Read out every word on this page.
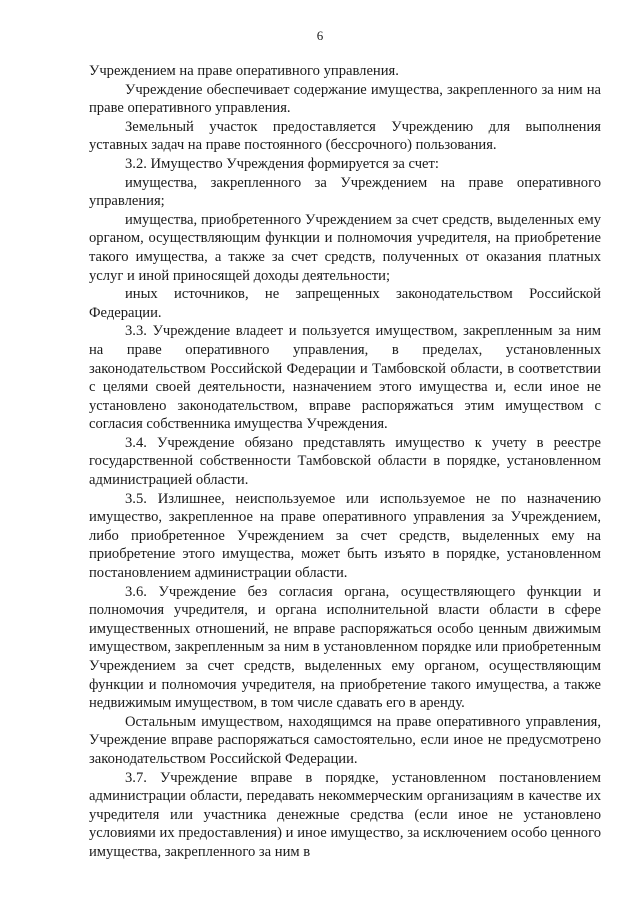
6

Учреждением на праве оперативного управления.

Учреждение обеспечивает содержание имущества, закрепленного за ним на праве оперативного управления.

Земельный участок предоставляется Учреждению для выполнения уставных задач на праве постоянного (бессрочного) пользования.

3.2. Имущество Учреждения формируется за счет:

имущества, закрепленного за Учреждением на праве оперативного управления;

имущества, приобретенного Учреждением за счет средств, выделенных ему органом, осуществляющим функции и полномочия учредителя, на приобретение такого имущества, а также за счет средств, полученных от оказания платных услуг и иной приносящей доходы деятельности;

иных источников, не запрещенных законодательством Российской Федерации.

3.3. Учреждение владеет и пользуется имуществом, закрепленным за ним на праве оперативного управления, в пределах, установленных законодательством Российской Федерации и Тамбовской области, в соответствии с целями своей деятельности, назначением этого имущества и, если иное не установлено законодательством, вправе распоряжаться этим имуществом с согласия собственника имущества Учреждения.

3.4. Учреждение обязано представлять имущество к учету в реестре государственной собственности Тамбовской области в порядке, установленном администрацией области.

3.5. Излишнее, неиспользуемое или используемое не по назначению имущество, закрепленное на праве оперативного управления за Учреждением, либо приобретенное Учреждением за счет средств, выделенных ему на приобретение этого имущества, может быть изъято в порядке, установленном постановлением администрации области.

3.6. Учреждение без согласия органа, осуществляющего функции и полномочия учредителя, и органа исполнительной власти области в сфере имущественных отношений, не вправе распоряжаться особо ценным движимым имуществом, закрепленным за ним в установленном порядке или приобретенным Учреждением за счет средств, выделенных ему органом, осуществляющим функции и полномочия учредителя, на приобретение такого имущества, а также недвижимым имуществом, в том числе сдавать его в аренду.

Остальным имуществом, находящимся на праве оперативного управления, Учреждение вправе распоряжаться самостоятельно, если иное не предусмотрено законодательством Российской Федерации.

3.7. Учреждение вправе в порядке, установленном постановлением администрации области, передавать некоммерческим организациям в качестве их учредителя или участника денежные средства (если иное не установлено условиями их предоставления) и иное имущество, за исключением особо ценного имущества, закрепленного за ним в
